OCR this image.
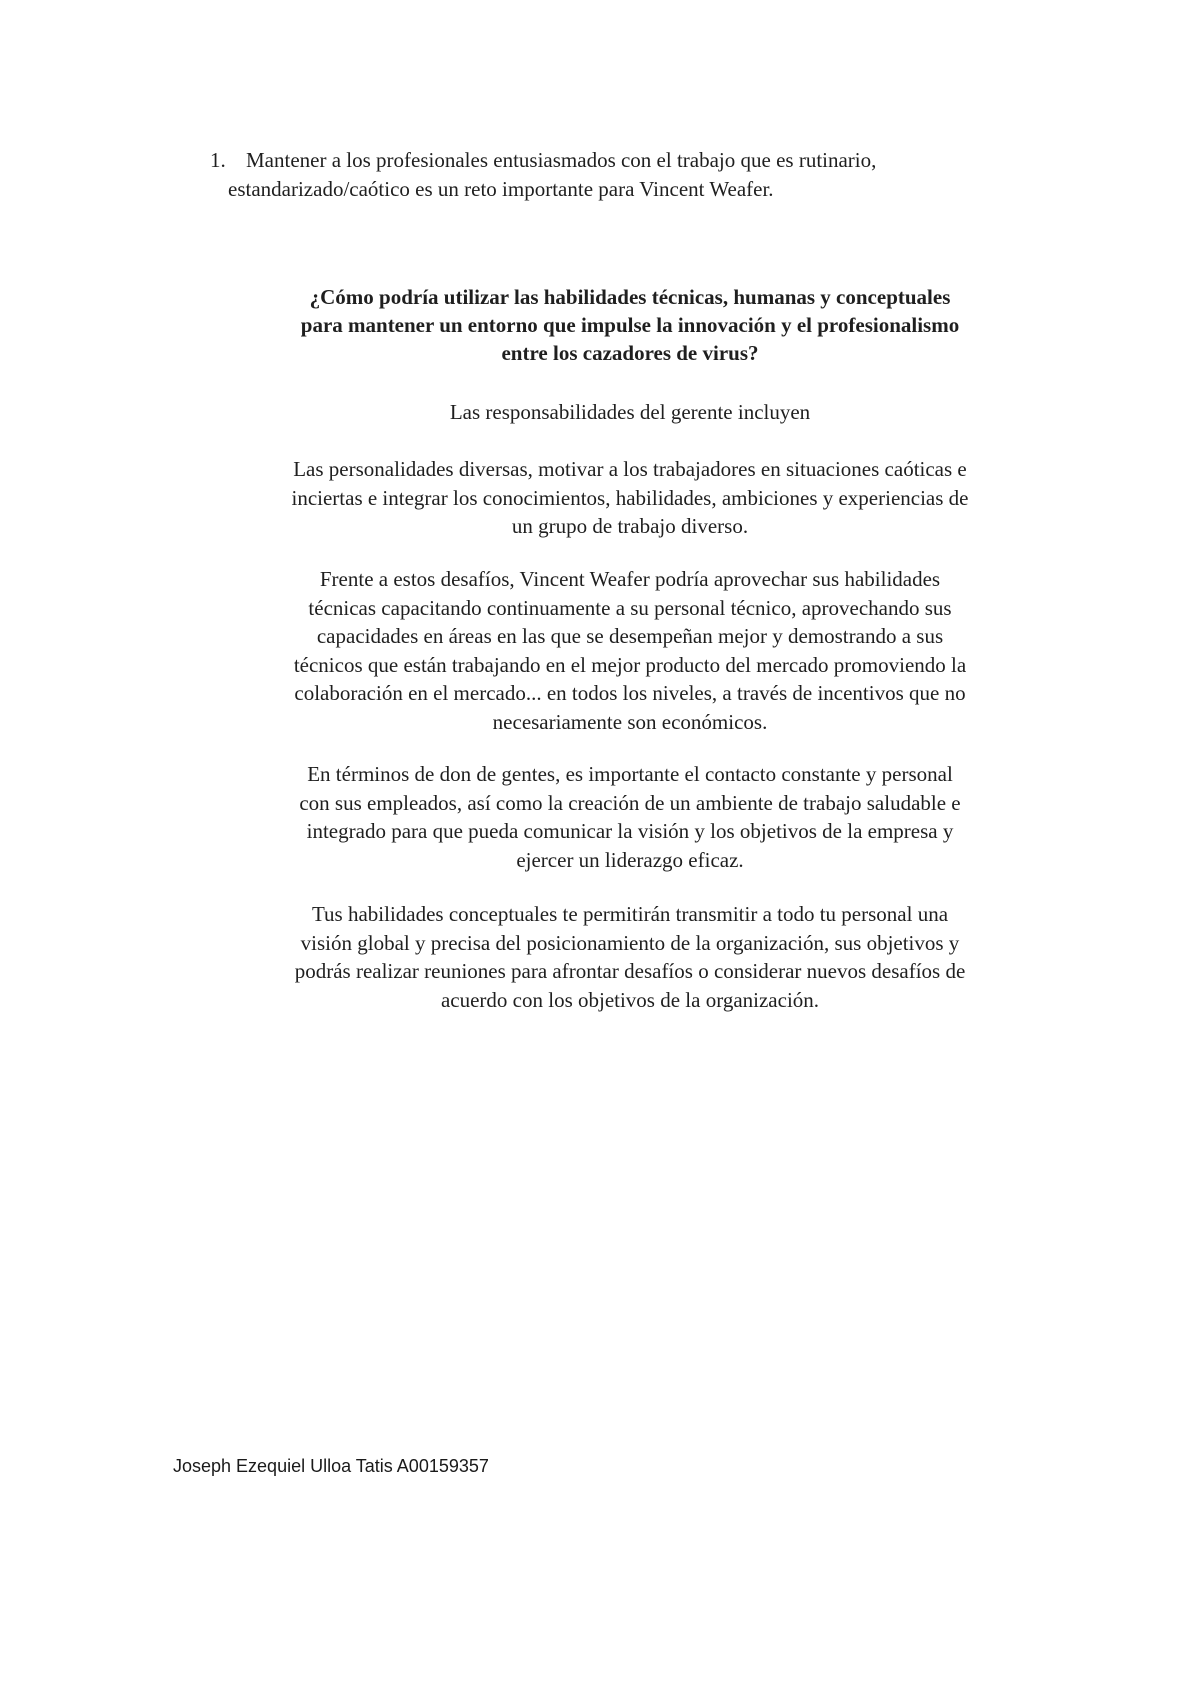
1. Mantener a los profesionales entusiasmados con el trabajo que es rutinario,
estandarizado/caótico es un reto importante para Vincent Weafer.
¿Cómo podría utilizar las habilidades técnicas, humanas y conceptuales
para mantener un entorno que impulse la innovación y el profesionalismo
entre los cazadores de virus?
Las responsabilidades del gerente incluyen
Las personalidades diversas, motivar a los trabajadores en situaciones caóticas e
inciertas e integrar los conocimientos, habilidades, ambiciones y experiencias de
un grupo de trabajo diverso.
Frente a estos desafíos, Vincent Weafer podría aprovechar sus habilidades
técnicas capacitando continuamente a su personal técnico, aprovechando sus
capacidades en áreas en las que se desempeñan mejor y demostrando a sus
técnicos que están trabajando en el mejor producto del mercado promoviendo la
colaboración en el mercado... en todos los niveles, a través de incentivos que no
necesariamente son económicos.
En términos de don de gentes, es importante el contacto constante y personal
con sus empleados, así como la creación de un ambiente de trabajo saludable e
integrado para que pueda comunicar la visión y los objetivos de la empresa y
ejercer un liderazgo eficaz.
Tus habilidades conceptuales te permitirán transmitir a todo tu personal una
visión global y precisa del posicionamiento de la organización, sus objetivos y
podrás realizar reuniones para afrontar desafíos o considerar nuevos desafíos de
acuerdo con los objetivos de la organización.
Joseph Ezequiel Ulloa Tatis A00159357
